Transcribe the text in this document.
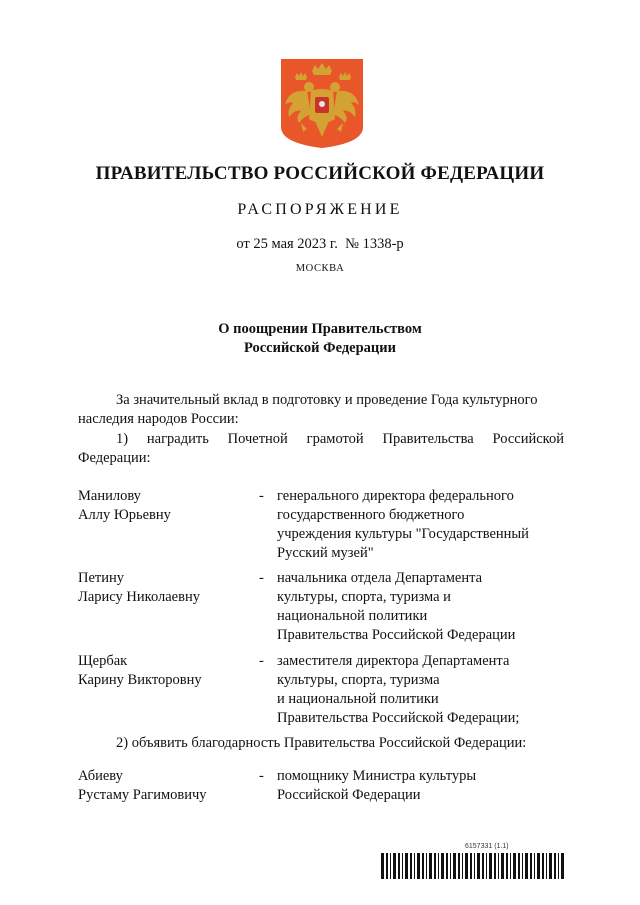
ПРАВИТЕЛЬСТВО РОССИЙСКОЙ ФЕДЕРАЦИИ
РАСПОРЯЖЕНИЕ
от 25 мая 2023 г.  № 1338-р
МОСКВА
О поощрении Правительством
Российской Федерации
За значительный вклад в подготовку и проведение Года культурного наследия народов России:
1) наградить Почетной грамотой Правительства Российской
Федерации:
Манилову
Аллу Юрьевну
- генерального директора федерального
государственного бюджетного
учреждения культуры "Государственный
Русский музей"
Петину
Ларису Николаевну
- начальника отдела Департамента
культуры, спорта, туризма и
национальной политики
Правительства Российской Федерации
Щербак
Карину Викторовну
- заместителя директора Департамента
культуры, спорта, туризма
и национальной политики
Правительства Российской Федерации;
2) объявить благодарность Правительства Российской Федерации:
Абиеву
Рустаму Рагимовичу
- помощнику Министра культуры
Российской Федерации
6157331 (1.1)
